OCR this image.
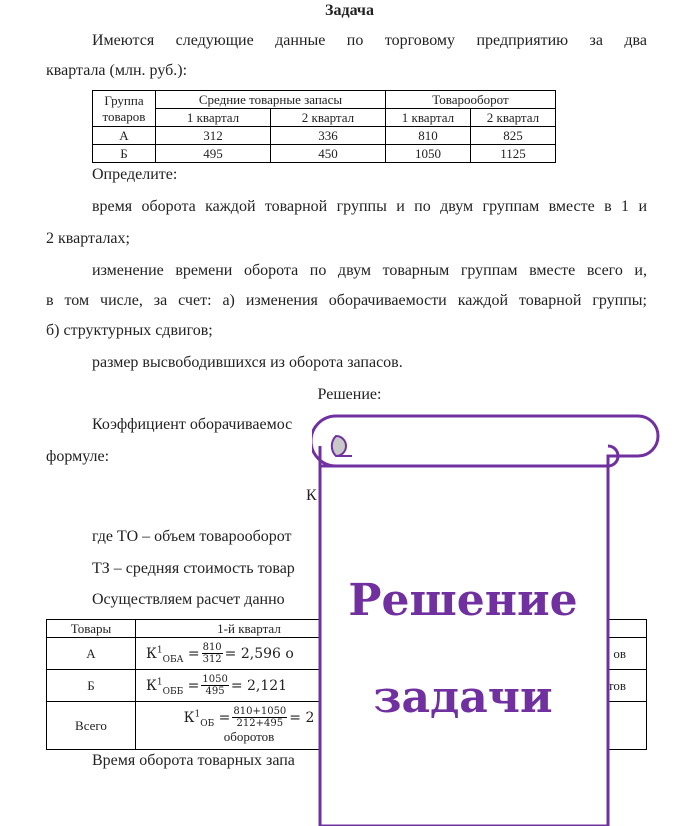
Задача
Имеются следующие данные по торговому предприятию за два
квартала (млн. руб.):
Группа
товаров	Средние товарные запасы		Товарооборот	
	1 квартал	2 квартал	1 квартал	2 квартал
А	312	336	810	825
Б	495	450	1050	1125
Определите:
время оборота каждой товарной группы и по двум группам вместе в 1 и
2 кварталах;
изменение времени оборота по двум товарным группам вместе всего и,
в том числе, за счет: а) изменения оборачиваемости каждой товарной группы;
б) структурных сдвигов;
размер высвободившихся из оборота запасов.
Решение:
Коэффициент оборачиваемос
формуле:
К
где ТО – объем товарооборот
ТЗ – средняя стоимость товар
Осуществляем расчет данно
Товары	1-й квартал		
А	$К^1_{ОБА} = \frac{810}{312} = 2,596$ о		ов
Б	$К^1_{ОББ} = \frac{1050}{495} = 2,121$		тов
Всего	$К^1_{ОБ} = \frac{810+1050}{212+495} = 2$
оборотов		
Время оборота товарных запа
Решение
задачи
